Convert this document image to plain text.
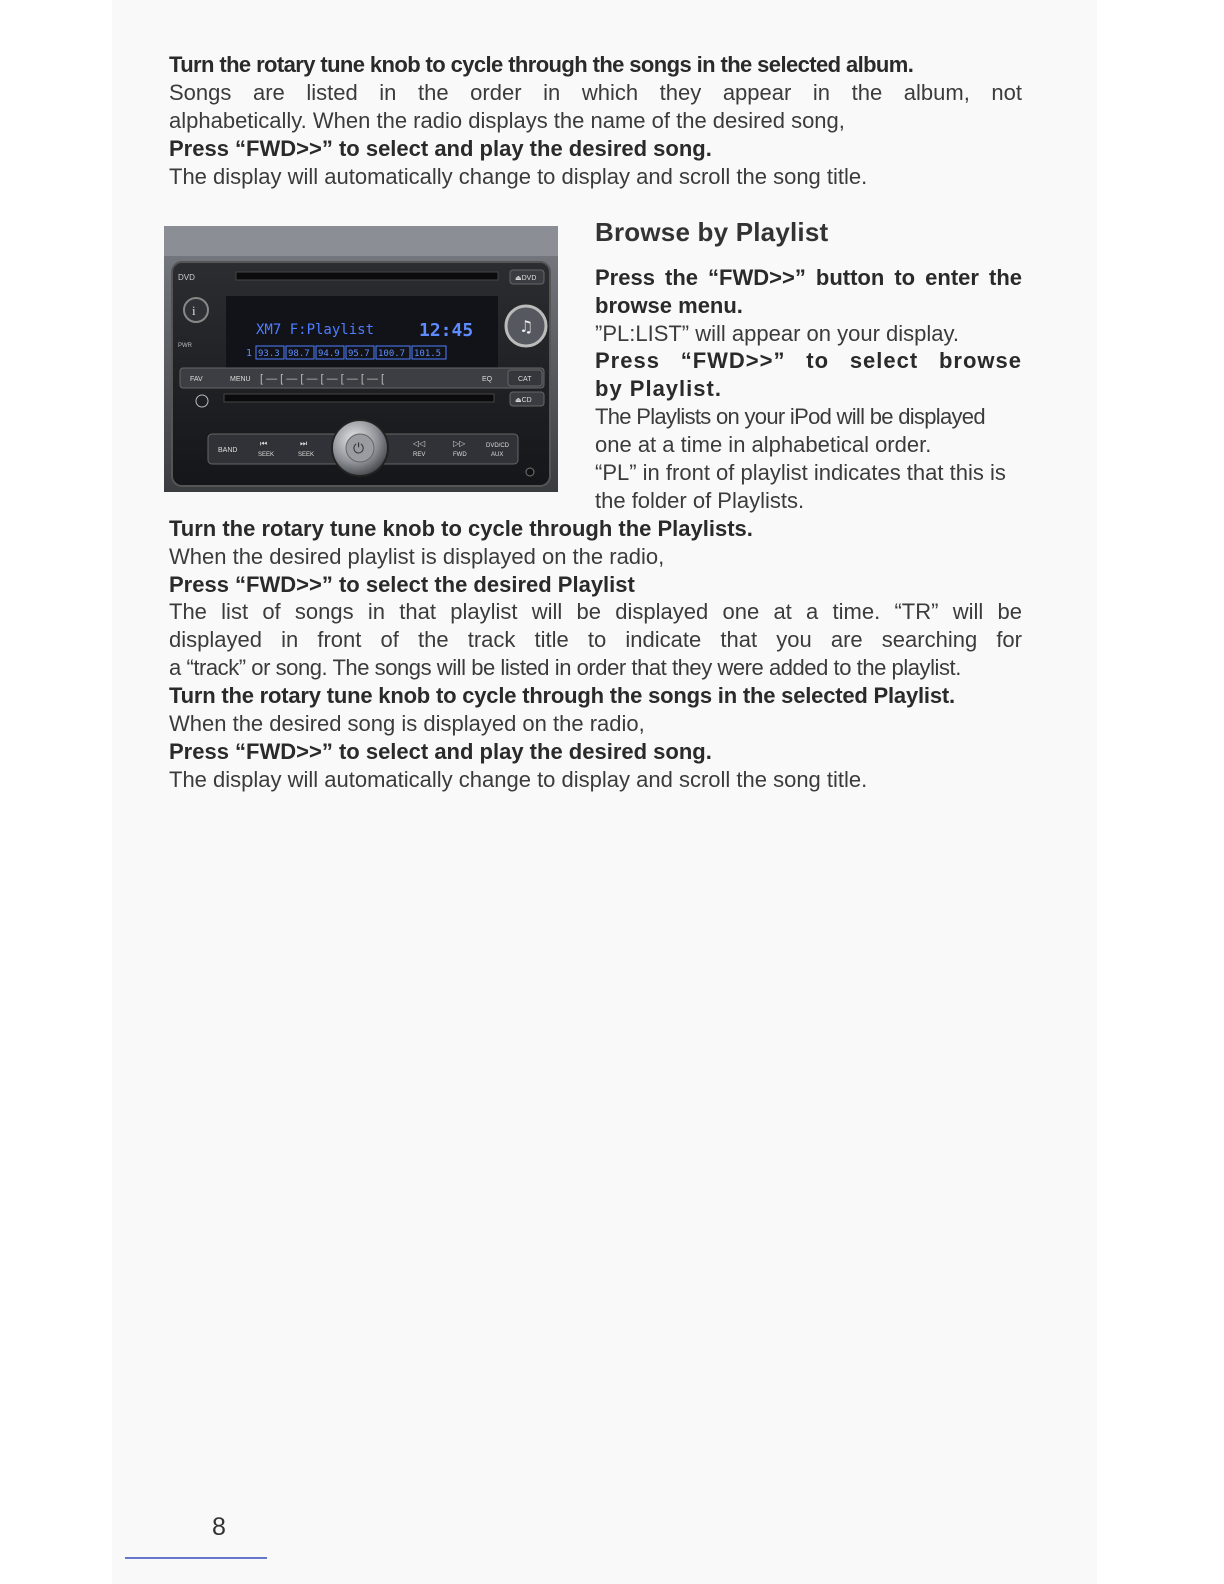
Turn the rotary tune knob to cycle through the songs in the selected album.
Songs are listed in the order in which they appear in the album, not
alphabetically. When the radio displays the name of the desired song,
Press “FWD>>” to select and play the desired song.
The display will automatically change to display and scroll the song title.
DVD	⏏DVD
i
PWR
XM7 F:Playlist 12:45
1 93.3 98.7 94.9 95.7 100.7 101.5
♫
FAV	MENU [ — [ — [ — [ — [ — [ — [	EQ	CAT
⏏CD
BAND
⏮
SEEK
⏭
SEEK	⏻	◁◁
REV
▷▷
FWD
DVD/CD
AUX
Browse by Playlist
Press the “FWD>>” button to enter the
browse menu.
”PL:LIST” will appear on your display.
Press “FWD>>” to select browse
by Playlist.
The Playlists on your iPod will be displayed
one at a time in alphabetical order.
“PL” in front of playlist indicates that this is
the folder of Playlists.
Turn the rotary tune knob to cycle through the Playlists.
When the desired playlist is displayed on the radio,
Press “FWD>>” to select the desired Playlist
The list of songs in that playlist will be displayed one at a time. “TR” will be
displayed in front of the track title to indicate that you are searching for
a “track” or song. The songs will be listed in order that they were added to the playlist.
Turn the rotary tune knob to cycle through the songs in the selected Playlist.
When the desired song is displayed on the radio,
Press “FWD>>” to select and play the desired song.
The display will automatically change to display and scroll the song title.
8
